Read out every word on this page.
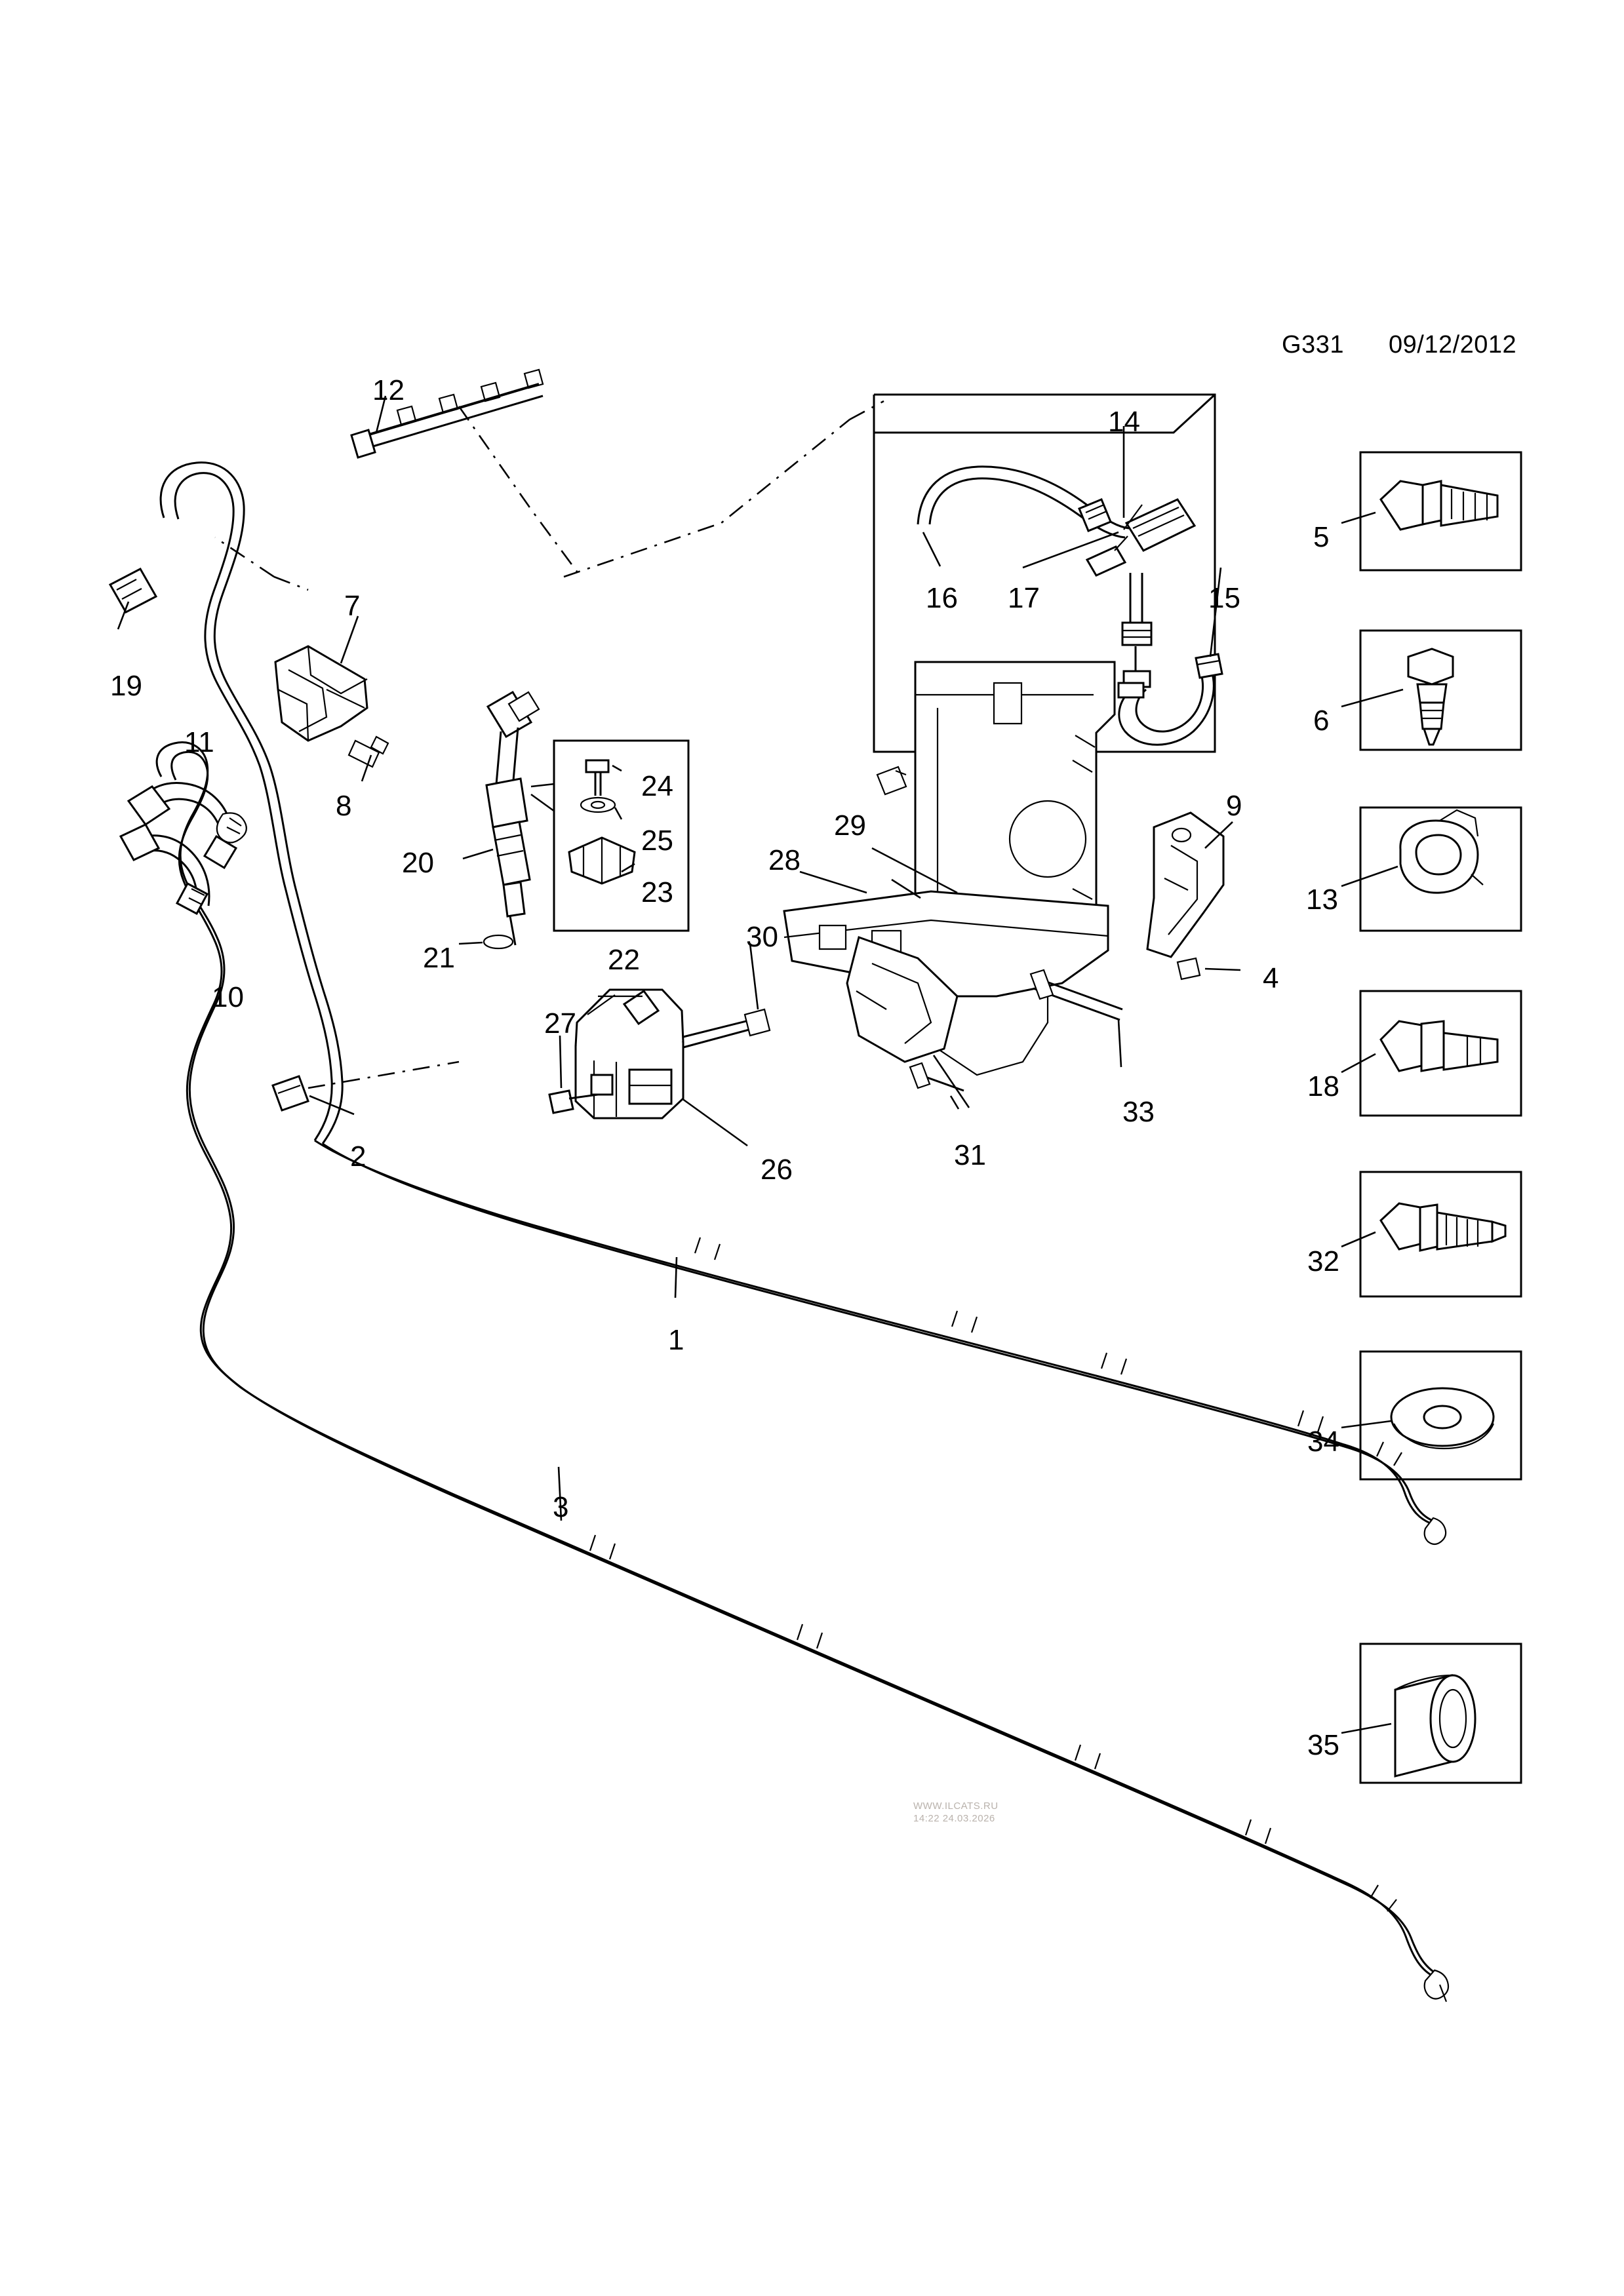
G331 09/12/2012
12
14
5
16 17	15
19
7
6
11
8
24
9
25	29
13
20	28
23
10
21	22
30
4
27
18
33
31
2	26
32
1
34
3
35
WWW.ILCATS.RU
14:22 24.03.2026
